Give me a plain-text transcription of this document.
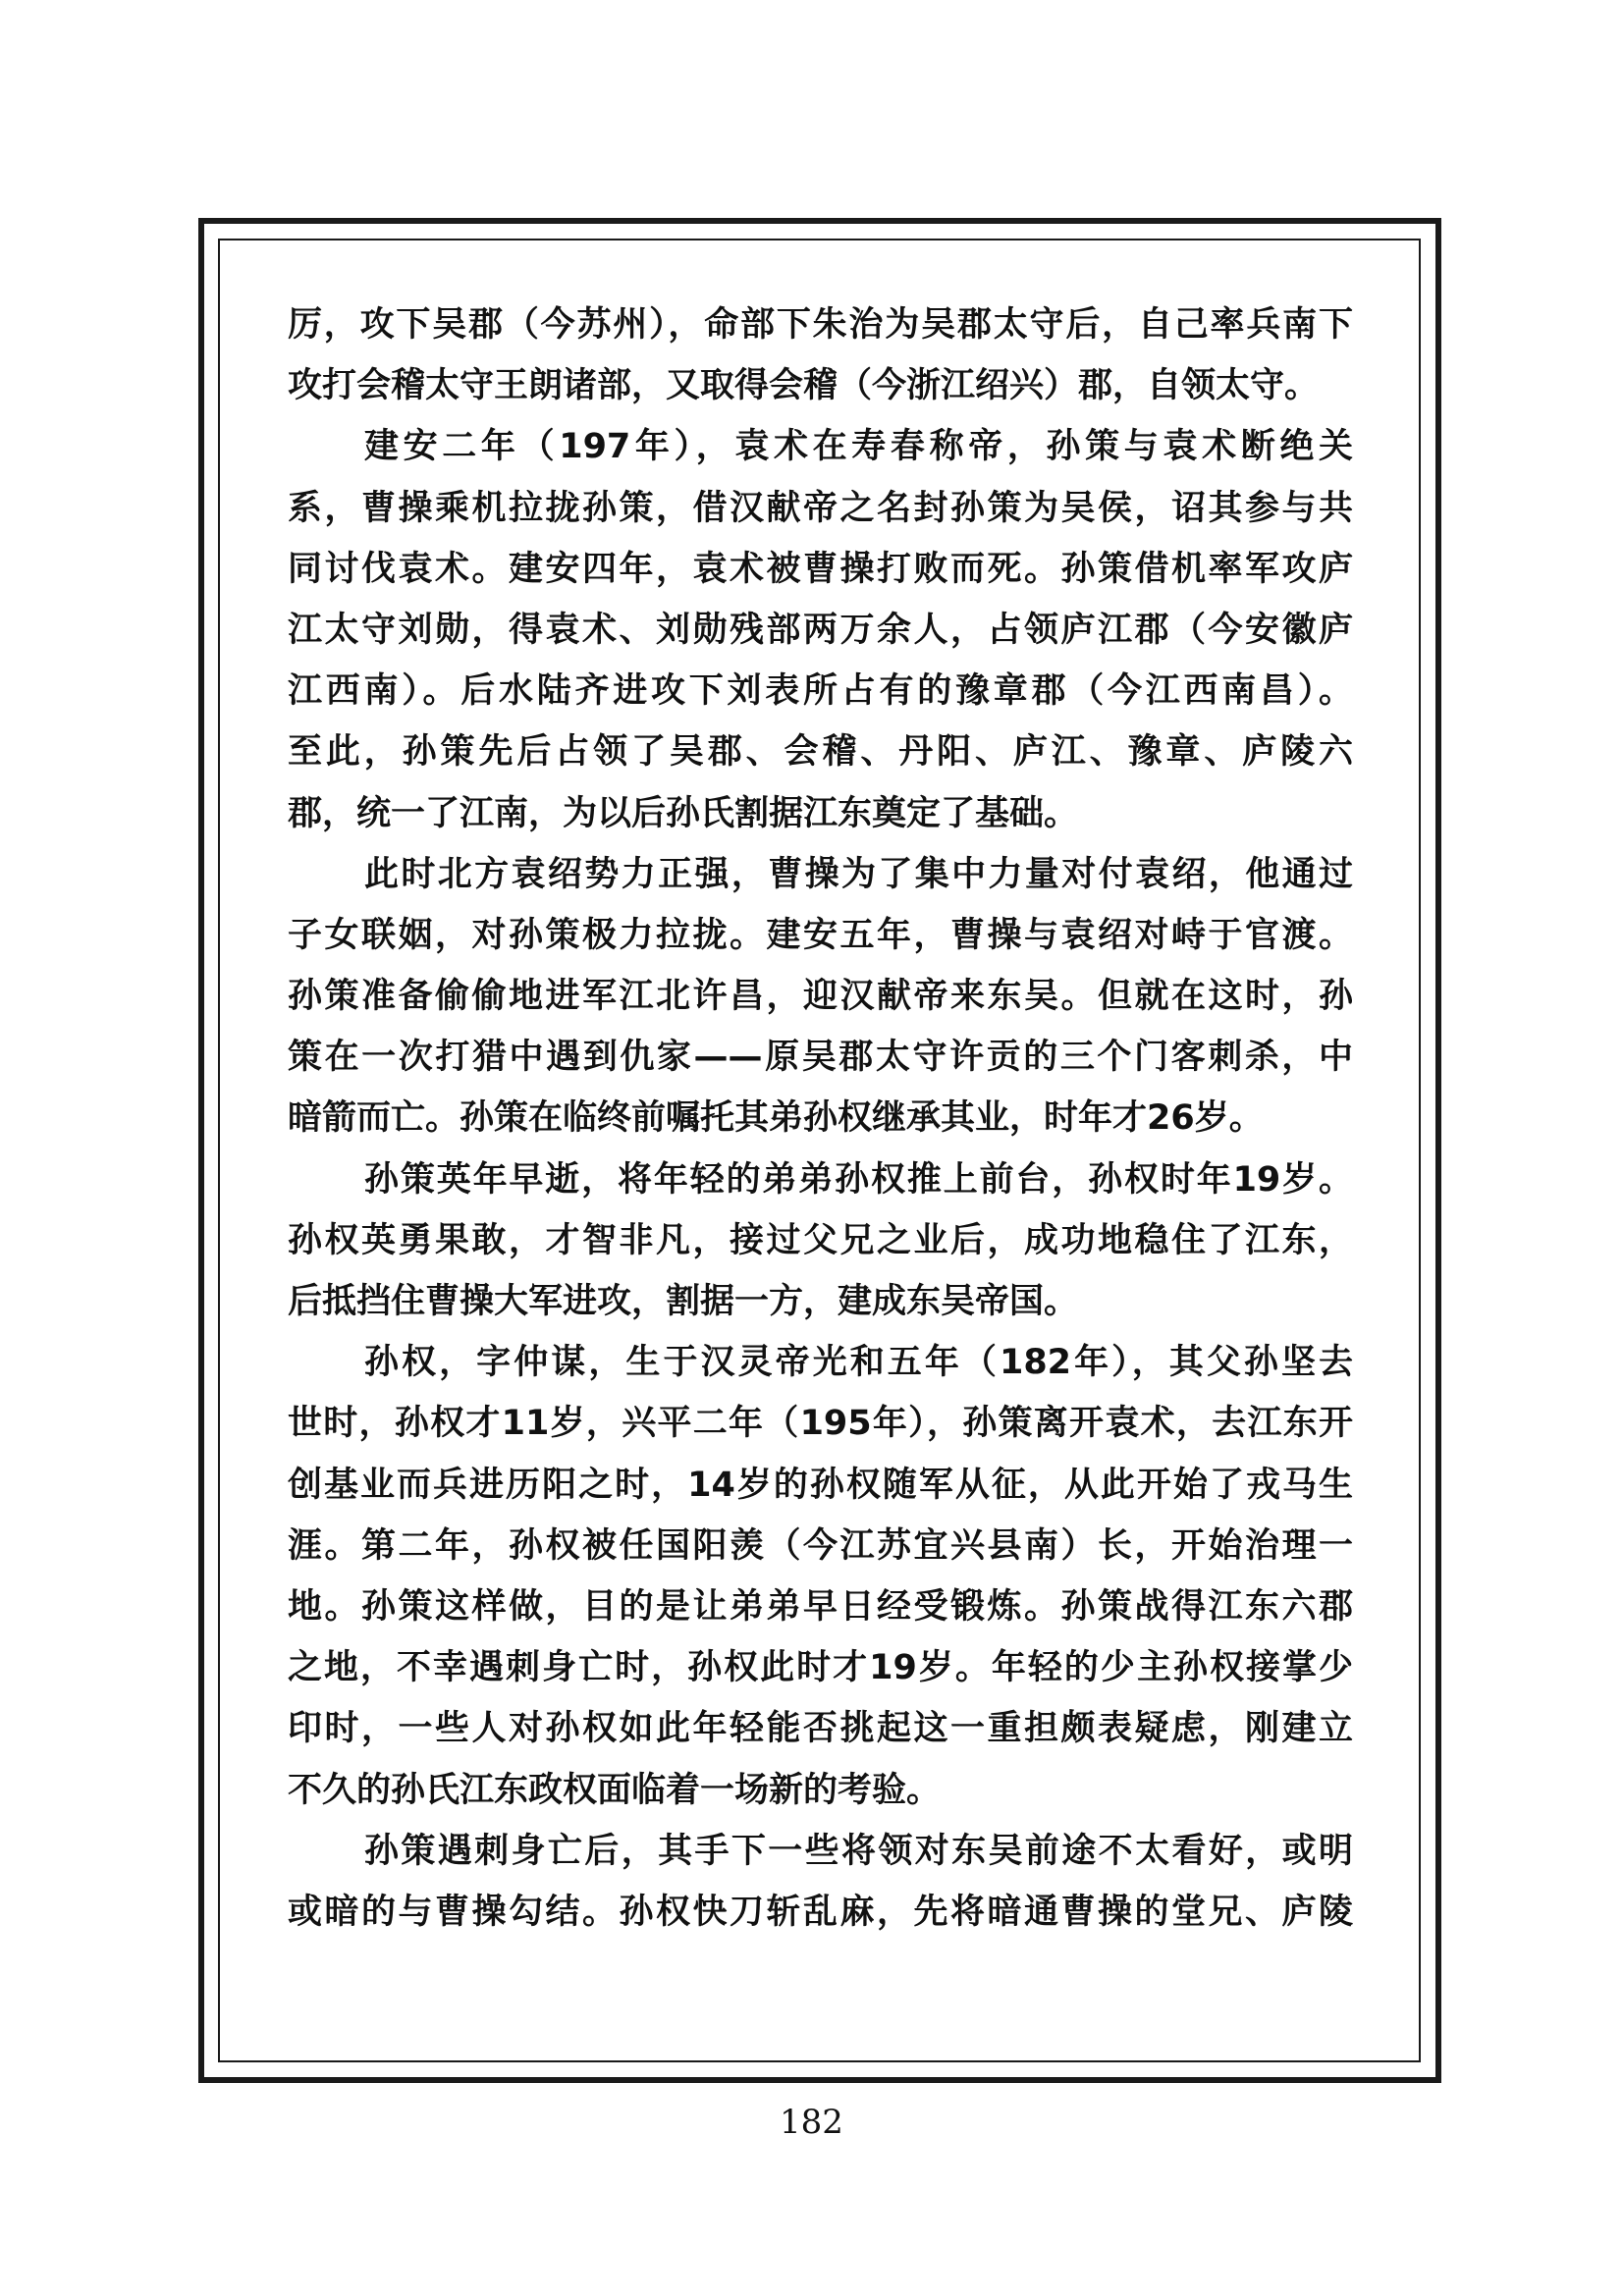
厉，攻下吴郡（今苏州），命部下朱治为吴郡太守后，自己率兵南下
攻打会稽太守王朗诸部，又取得会稽（今浙江绍兴）郡，自领太守。
建安二年（197年），袁术在寿春称帝，孙策与袁术断绝关
系，曹操乘机拉拢孙策，借汉献帝之名封孙策为吴侯，诏其参与共
同讨伐袁术。建安四年，袁术被曹操打败而死。孙策借机率军攻庐
江太守刘勋，得袁术、刘勋残部两万余人，占领庐江郡（今安徽庐
江西南）。后水陆齐进攻下刘表所占有的豫章郡（今江西南昌）。
至此，孙策先后占领了吴郡、会稽、丹阳、庐江、豫章、庐陵六
郡，统一了江南，为以后孙氏割据江东奠定了基础。
此时北方袁绍势力正强，曹操为了集中力量对付袁绍，他通过
子女联姻，对孙策极力拉拢。建安五年，曹操与袁绍对峙于官渡。
孙策准备偷偷地进军江北许昌，迎汉献帝来东吴。但就在这时，孙
策在一次打猎中遇到仇家——原吴郡太守许贡的三个门客刺杀，中
暗箭而亡。孙策在临终前嘱托其弟孙权继承其业，时年才26岁。
孙策英年早逝，将年轻的弟弟孙权推上前台，孙权时年19岁。
孙权英勇果敢，才智非凡，接过父兄之业后，成功地稳住了江东，
后抵挡住曹操大军进攻，割据一方，建成东吴帝国。
孙权，字仲谋，生于汉灵帝光和五年（182年），其父孙坚去
世时，孙权才11岁，兴平二年（195年），孙策离开袁术，去江东开
创基业而兵进历阳之时，14岁的孙权随军从征，从此开始了戎马生
涯。第二年，孙权被任国阳羡（今江苏宜兴县南）长，开始治理一
地。孙策这样做，目的是让弟弟早日经受锻炼。孙策战得江东六郡
之地，不幸遇刺身亡时，孙权此时才19岁。年轻的少主孙权接掌少
印时，一些人对孙权如此年轻能否挑起这一重担颇表疑虑，刚建立
不久的孙氏江东政权面临着一场新的考验。
孙策遇刺身亡后，其手下一些将领对东吴前途不太看好，或明
或暗的与曹操勾结。孙权快刀斩乱麻，先将暗通曹操的堂兄、庐陵
182
